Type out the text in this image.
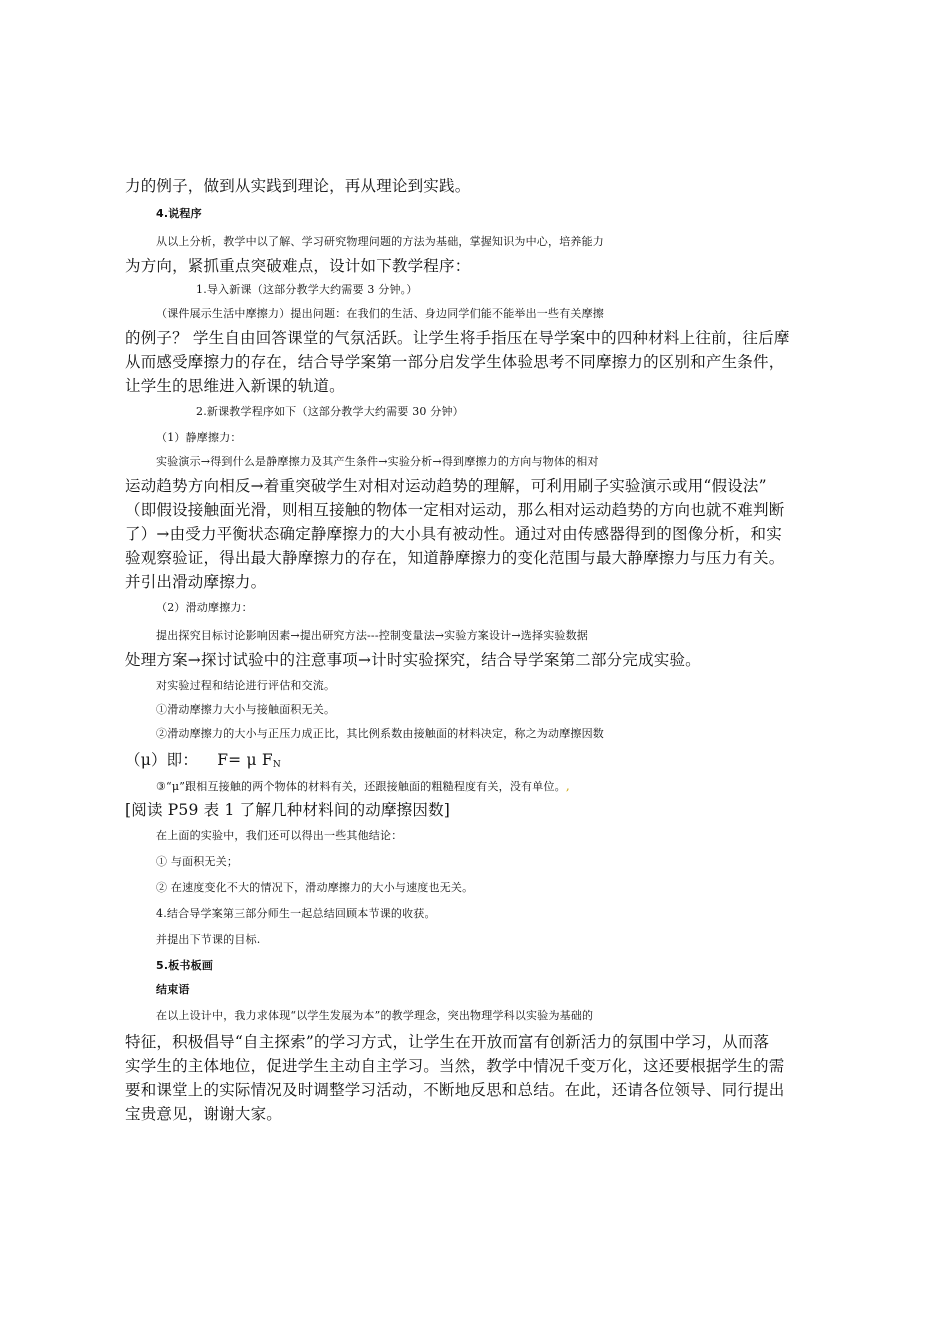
力的例子，做到从实践到理论，再从理论到实践。
4.说程序
从以上分析，教学中以了解、学习研究物理问题的方法为基础，掌握知识为中心，培养能力
为方向，紧抓重点突破难点，设计如下教学程序：
1.导入新课（这部分教学大约需要 3 分钟。）
（课件展示生活中摩擦力）提出问题：在我们的生活、身边同学们能不能举出一些有关摩擦
的例子？ 学生自由回答课堂的气氛活跃。让学生将手指压在导学案中的四种材料上往前，往后摩
从而感受摩擦力的存在，结合导学案第一部分启发学生体验思考不同摩擦力的区别和产生条件，
让学生的思维进入新课的轨道。
2.新课教学程序如下（这部分教学大约需要 30 分钟）
（1）静摩擦力：
实验演示→得到什么是静摩擦力及其产生条件→实验分析→得到摩擦力的方向与物体的相对
运动趋势方向相反→着重突破学生对相对运动趋势的理解，可利用刷子实验演示或用“假设法”
（即假设接触面光滑，则相互接触的物体一定相对运动，那么相对运动趋势的方向也就不难判断
了）→由受力平衡状态确定静摩擦力的大小具有被动性。通过对由传感器得到的图像分析，和实
验观察验证，得出最大静摩擦力的存在，知道静摩擦力的变化范围与最大静摩擦力与压力有关。
并引出滑动摩擦力。
（2）滑动摩擦力：
提出探究目标讨论影响因素→提出研究方法---控制变量法→实验方案设计→选择实验数据
处理方案→探讨试验中的注意事项→计时实验探究，结合导学案第二部分完成实验。
对实验过程和结论进行评估和交流。
①滑动摩擦力大小与接触面积无关。
②滑动摩擦力的大小与正压力成正比，其比例系数由接触面的材料决定，称之为动摩擦因数
（μ）即： F= μ $F_N$
③“μ”跟相互接触的两个物体的材料有关，还跟接触面的粗糙程度有关，没有单位。,
[阅读 P59 表 1 了解几种材料间的动摩擦因数]
在上面的实验中，我们还可以得出一些其他结论：
① 与面积无关；
② 在速度变化不大的情况下，滑动摩擦力的大小与速度也无关。
4.结合导学案第三部分师生一起总结回顾本节课的收获。
并提出下节课的目标.
5.板书板画
结束语
在以上设计中，我力求体现“以学生发展为本”的教学理念，突出物理学科以实验为基础的
特征，积极倡导“自主探索”的学习方式，让学生在开放而富有创新活力的氛围中学习，从而落
实学生的主体地位，促进学生主动自主学习。当然，教学中情况千变万化，这还要根据学生的需
要和课堂上的实际情况及时调整学习活动，不断地反思和总结。在此，还请各位领导、同行提出
宝贵意见，谢谢大家。
